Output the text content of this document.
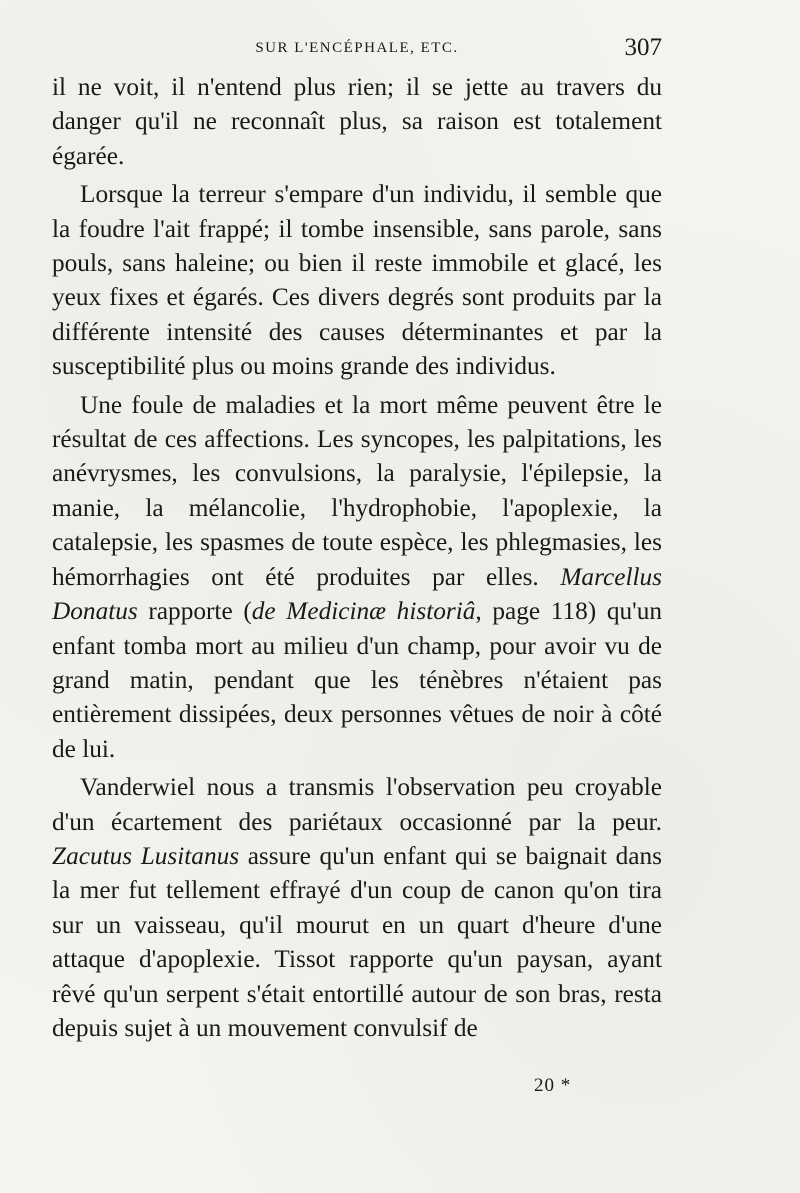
SUR L'ENCÉPHALE, ETC.	307

il ne voit, il n'entend plus rien; il se jette au travers du danger qu'il ne reconnaît plus, sa raison est totalement égarée.

Lorsque la terreur s'empare d'un individu, il semble que la foudre l'ait frappé; il tombe insensible, sans parole, sans pouls, sans haleine; ou bien il reste immobile et glacé, les yeux fixes et égarés. Ces divers degrés sont produits par la différente intensité des causes déterminantes et par la susceptibilité plus ou moins grande des individus.

Une foule de maladies et la mort même peuvent être le résultat de ces affections. Les syncopes, les palpitations, les anévrysmes, les convulsions, la paralysie, l'épilepsie, la manie, la mélancolie, l'hydrophobie, l'apoplexie, la catalepsie, les spasmes de toute espèce, les phlegmasies, les hémorrhagies ont été produites par elles. Marcellus Donatus rapporte (de Medicinæ historiâ, page 118) qu'un enfant tomba mort au milieu d'un champ, pour avoir vu de grand matin, pendant que les ténèbres n'étaient pas entièrement dissipées, deux personnes vêtues de noir à côté de lui.

Vanderwiel nous a transmis l'observation peu croyable d'un écartement des pariétaux occasionné par la peur. Zacutus Lusitanus assure qu'un enfant qui se baignait dans la mer fut tellement effrayé d'un coup de canon qu'on tira sur un vaisseau, qu'il mourut en un quart d'heure d'une attaque d'apoplexie. Tissot rapporte qu'un paysan, ayant rêvé qu'un serpent s'était entortillé autour de son bras, resta depuis sujet à un mouvement convulsif de

20 *
